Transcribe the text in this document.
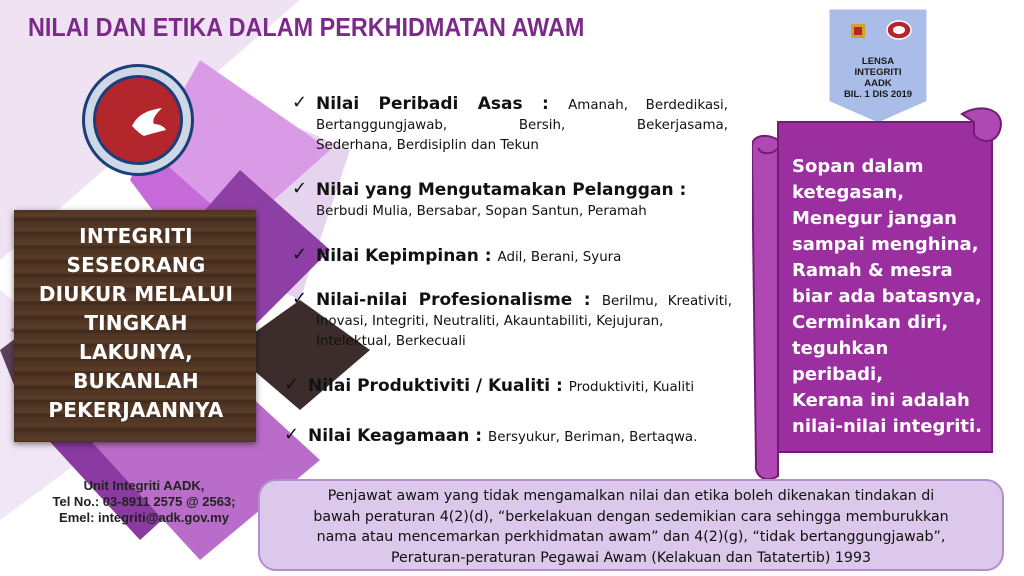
NILAI DAN ETIKA DALAM PERKHIDMATAN AWAM
INTEGRITI
SESEORANG
DIUKUR MELALUI
TINGKAH
LAKUNYA,
BUKANLAH
PEKERJAANNYA
Unit Integriti AADK,
Tel No.: 03-8911 2575 @ 2563;
Emel: integriti@adk.gov.my
✓ Nilai Peribadi Asas : Amanah, Berdedikasi,
Bertanggungjawab, Bersih, Bekerjasama,
Sederhana, Berdisiplin dan Tekun
✓ Nilai yang Mengutamakan Pelanggan :
Berbudi Mulia, Bersabar, Sopan Santun, Peramah
✓ Nilai Kepimpinan : Adil, Berani, Syura
✓ Nilai-nilai Profesionalisme : Berilmu, Kreativiti,
Inovasi, Integriti, Neutraliti, Akauntabiliti, Kejujuran,
Intelektual, Berkecuali
✓ Nilai Produktiviti / Kualiti : Produktiviti, Kualiti
✓ Nilai Keagamaan : Bersyukur, Beriman, Bertaqwa.
LENSA
INTEGRITI
AADK
BIL. 1 DIS 2019
Sopan dalam
ketegasan,
Menegur jangan
sampai menghina,
Ramah & mesra
biar ada batasnya,
Cerminkan diri,
teguhkan
peribadi,
Kerana ini adalah
nilai-nilai integriti.
Penjawat awam yang tidak mengamalkan nilai dan etika boleh dikenakan tindakan di
bawah peraturan 4(2)(d), “berkelakuan dengan sedemikian cara sehingga memburukkan
nama atau mencemarkan perkhidmatan awam” dan 4(2)(g), “tidak bertanggungjawab”,
Peraturan-peraturan Pegawai Awam (Kelakuan dan Tatatertib) 1993
